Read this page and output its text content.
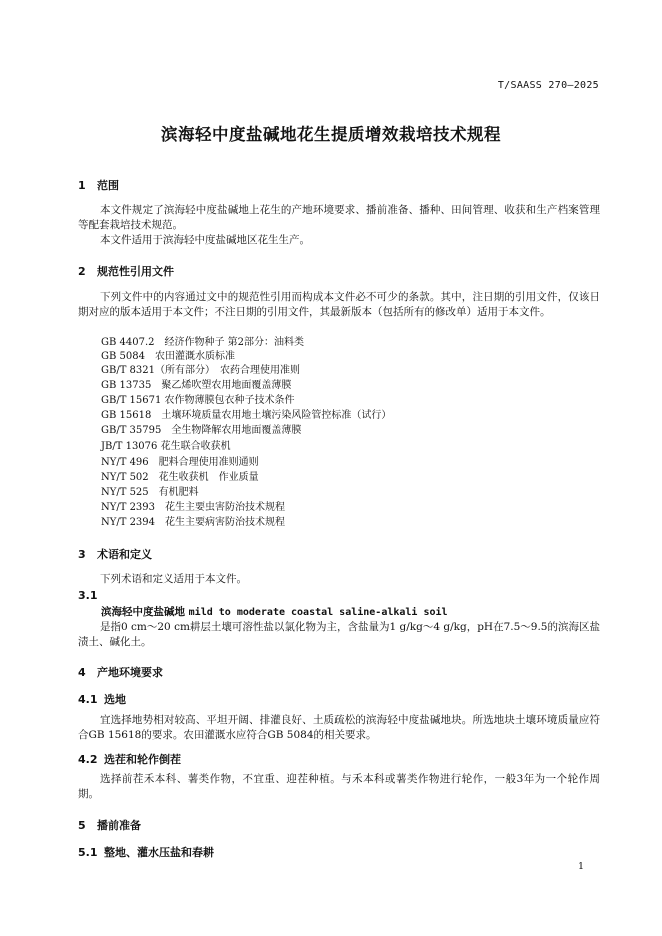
T/SAASS 270—2025
滨海轻中度盐碱地花生提质增效栽培技术规程
1 范围
本文件规定了滨海轻中度盐碱地上花生的产地环境要求、播前准备、播种、田间管理、收获和生产档案管理等配套栽培技术规范。
本文件适用于滨海轻中度盐碱地区花生生产。
2 规范性引用文件
下列文件中的内容通过文中的规范性引用而构成本文件必不可少的条款。其中，注日期的引用文件，仅该日期对应的版本适用于本文件；不注日期的引用文件，其最新版本（包括所有的修改单）适用于本文件。
GB 4407.2　经济作物种子 第2部分：油料类
GB 5084　农田灌溉水质标准
GB/T 8321（所有部分）　农药合理使用准则
GB 13735　聚乙烯吹塑农用地面覆盖薄膜
GB/T 15671 农作物薄膜包衣种子技术条件
GB 15618　土壤环境质量农用地土壤污染风险管控标准（试行）
GB/T 35795　全生物降解农用地面覆盖薄膜
JB/T 13076 花生联合收获机
NY/T 496　肥料合理使用准则通则
NY/T 502　花生收获机　作业质量
NY/T 525　有机肥料
NY/T 2393　花生主要虫害防治技术规程
NY/T 2394　花生主要病害防治技术规程
3 术语和定义
下列术语和定义适用于本文件。
3.1
滨海轻中度盐碱地 mild to moderate coastal saline-alkali soil
是指0 cm～20 cm耕层土壤可溶性盐以氯化物为主，含盐量为1 g/kg～4 g/kg，pH在7.5～9.5的滨海区盐渍土、碱化土。
4 产地环境要求
4.1 选地
宜选择地势相对较高、平坦开阔、排灌良好、土质疏松的滨海轻中度盐碱地块。所选地块土壤环境质量应符合GB 15618的要求。农田灌溉水应符合GB 5084的相关要求。
4.2 选茬和轮作倒茬
选择前茬禾本科、薯类作物，不宜重、迎茬种植。与禾本科或薯类作物进行轮作，一般3年为一个轮作周期。
5 播前准备
5.1 整地、灌水压盐和春耕
1
